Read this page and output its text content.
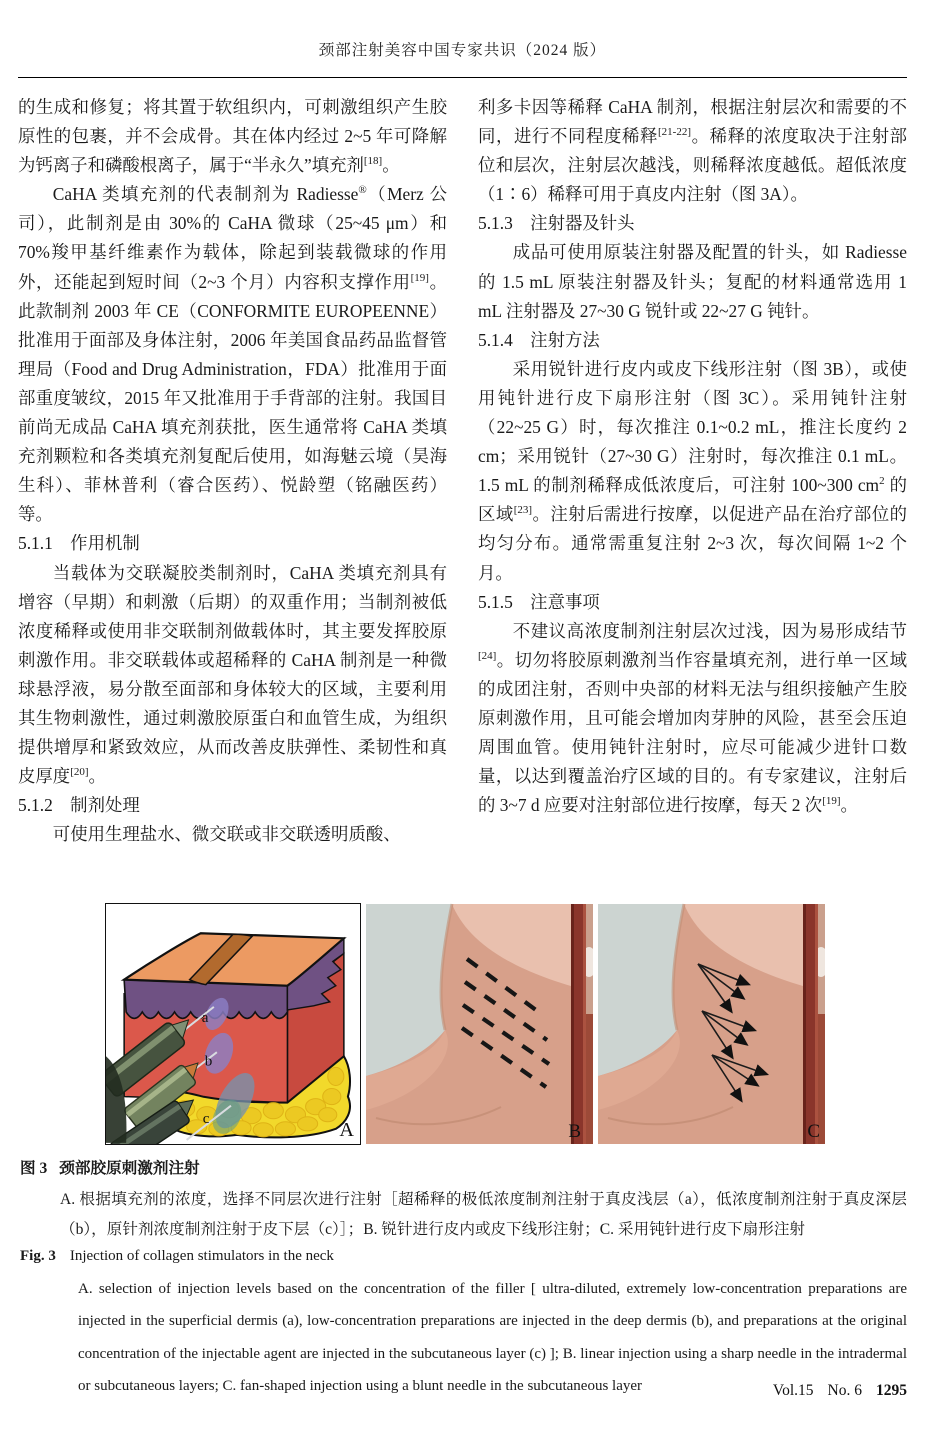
颈部注射美容中国专家共识（2024 版）

的生成和修复；将其置于软组织内，可刺激组织产生胶原性的包裹，并不会成骨。其在体内经过 2~5 年可降解为钙离子和磷酸根离子，属于“半永久”填充剂[18]。

CaHA 类填充剂的代表制剂为 Radiesse®（Merz 公司），此制剂是由 30%的 CaHA 微球（25~45 μm）和 70%羧甲基纤维素作为载体，除起到装载微球的作用外，还能起到短时间（2~3 个月）内容积支撑作用[19]。此款制剂 2003 年 CE（CONFORMITE EUROPEENNE）批准用于面部及身体注射，2006 年美国食品药品监督管理局（Food and Drug Administration，FDA）批准用于面部重度皱纹，2015 年又批准用于手背部的注射。我国目前尚无成品 CaHA 填充剂获批，医生通常将 CaHA 类填充剂颗粒和各类填充剂复配后使用，如海魅云境（昊海生科）、菲林普利（睿合医药）、悦龄塑（铭融医药）等。

5.1.1　作用机制

当载体为交联凝胶类制剂时，CaHA 类填充剂具有增容（早期）和刺激（后期）的双重作用；当制剂被低浓度稀释或使用非交联制剂做载体时，其主要发挥胶原刺激作用。非交联载体或超稀释的 CaHA 制剂是一种微球悬浮液，易分散至面部和身体较大的区域，主要利用其生物刺激性，通过刺激胶原蛋白和血管生成，为组织提供增厚和紧致效应，从而改善皮肤弹性、柔韧性和真皮厚度[20]。

5.1.2　制剂处理

可使用生理盐水、微交联或非交联透明质酸、

利多卡因等稀释 CaHA 制剂，根据注射层次和需要的不同，进行不同程度稀释[21-22]。稀释的浓度取决于注射部位和层次，注射层次越浅，则稀释浓度越低。超低浓度（1∶6）稀释可用于真皮内注射（图 3A）。

5.1.3　注射器及针头

成品可使用原装注射器及配置的针头，如 Radiesse 的 1.5 mL 原装注射器及针头；复配的材料通常选用 1 mL 注射器及 27~30 G 锐针或 22~27 G 钝针。

5.1.4　注射方法

采用锐针进行皮内或皮下线形注射（图 3B），或使用钝针进行皮下扇形注射（图 3C）。采用钝针注射（22~25 G）时，每次推注 0.1~0.2 mL，推注长度约 2 cm；采用锐针（27~30 G）注射时，每次推注 0.1 mL。1.5 mL 的制剂稀释成低浓度后，可注射 100~300 $cm^2$ 的区域[23]。注射后需进行按摩，以促进产品在治疗部位的均匀分布。通常需重复注射 2~3 次，每次间隔 1~2 个月。

5.1.5　注意事项

不建议高浓度制剂注射层次过浅，因为易形成结节[24]。切勿将胶原刺激剂当作容量填充剂，进行单一区域的成团注射，否则中央部的材料无法与组织接触产生胶原刺激作用，且可能会增加肉芽肿的风险，甚至会压迫周围血管。使用钝针注射时，应尽可能减少进针口数量，以达到覆盖治疗区域的目的。有专家建议，注射后的 3~7 d 应要对注射部位进行按摩，每天 2 次[19]。

a
b
c
A	B	C
图 3 颈部胶原刺激剂注射
A. 根据填充剂的浓度，选择不同层次进行注射［超稀释的极低浓度制剂注射于真皮浅层（a），低浓度制剂注射于真皮深层（b），原针剂浓度制剂注射于皮下层（c）］；B. 锐针进行皮内或皮下线形注射；C. 采用钝针进行皮下扇形注射
Fig. 3 Injection of collagen stimulators in the neck
A. selection of injection levels based on the concentration of the filler [ ultra-diluted, extremely low-concentration preparations are injected in the superficial dermis (a), low-concentration preparations are injected in the deep dermis (b), and preparations at the original concentration of the injectable agent are injected in the subcutaneous layer (c) ]; B. linear injection using a sharp needle in the intradermal or subcutaneous layers; C. fan-shaped injection using a blunt needle in the subcutaneous layer	Vol.15 No. 6 1295
